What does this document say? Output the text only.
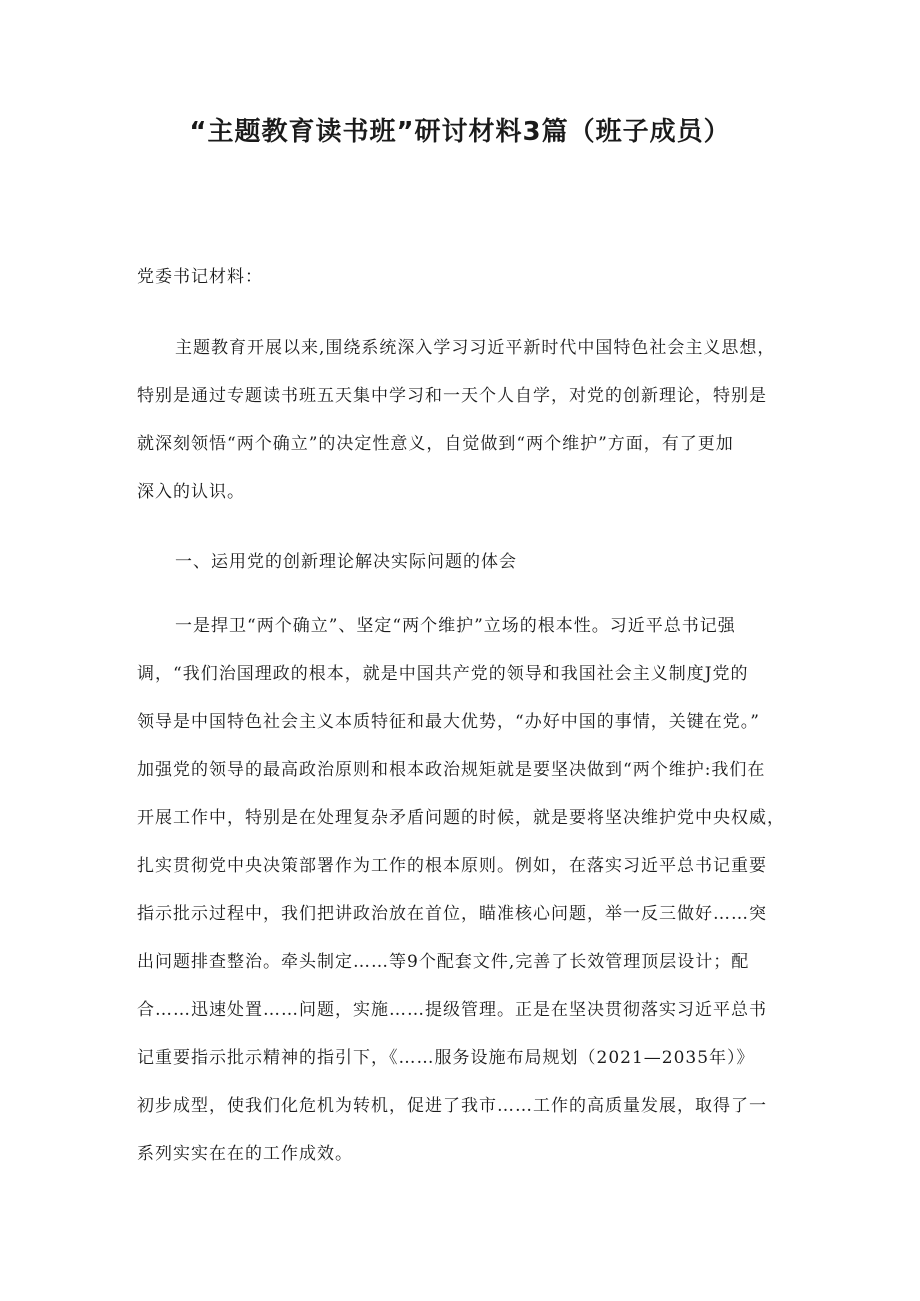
“主题教育读书班”研讨材料3篇（班子成员）
党委书记材料：
主题教育开展以来,围绕系统深入学习习近平新时代中国特色社会主义思想，
特别是通过专题读书班五天集中学习和一天个人自学，对党的创新理论，特别是
就深刻领悟“两个确立”的决定性意义，自觉做到“两个维护”方面，有了更加
深入的认识。
一、运用党的创新理论解决实际问题的体会
一是捍卫“两个确立”、坚定“两个维护”立场的根本性。习近平总书记强
调，“我们治国理政的根本，就是中国共产党的领导和我国社会主义制度J党的
领导是中国特色社会主义本质特征和最大优势，“办好中国的事情，关键在党。”
加强党的领导的最高政治原则和根本政治规矩就是要坚决做到“两个维护:我们在
开展工作中，特别是在处理复杂矛盾问题的时候，就是要将坚决维护党中央权威，
扎实贯彻党中央决策部署作为工作的根本原则。例如，在落实习近平总书记重要
指示批示过程中，我们把讲政治放在首位，瞄准核心问题，举一反三做好……突
出问题排查整治。牵头制定……等9个配套文件,完善了长效管理顶层设计；配
合……迅速处置……问题，实施……提级管理。正是在坚决贯彻落实习近平总书
记重要指示批示精神的指引下，《……服务设施布局规划（2021—2035年）》
初步成型，使我们化危机为转机，促进了我市……工作的高质量发展，取得了一
系列实实在在的工作成效。
